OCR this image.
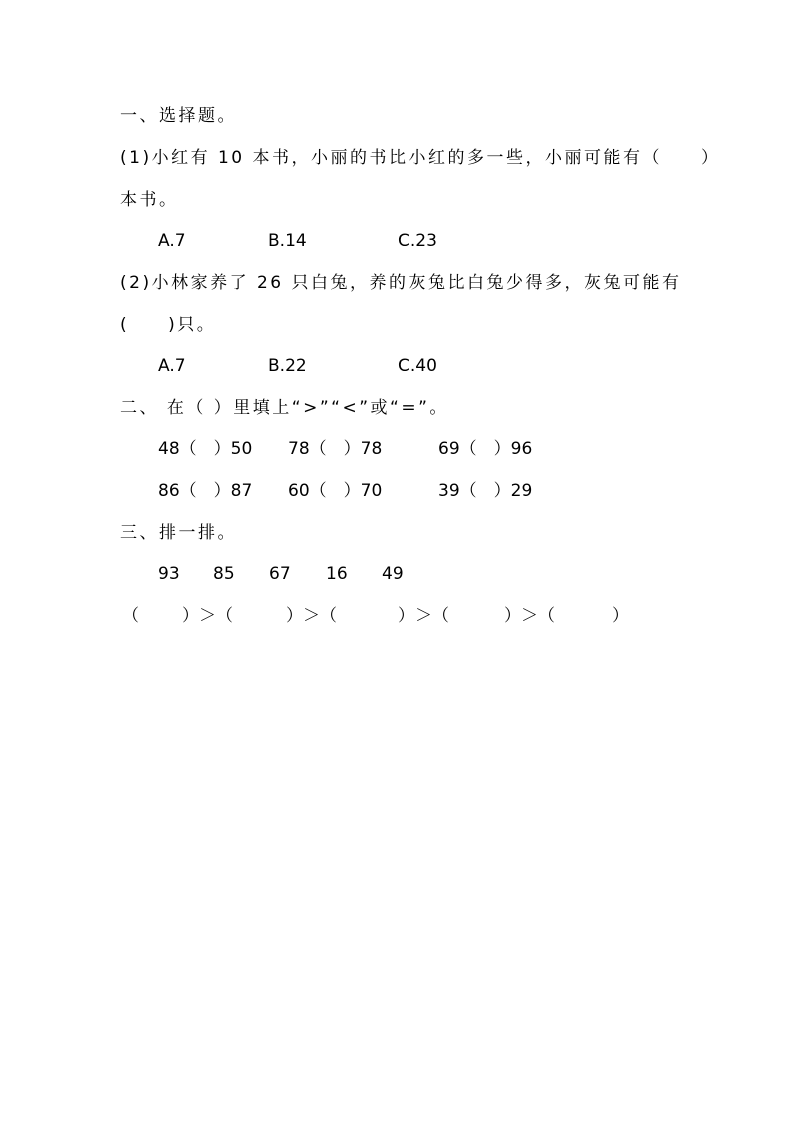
一、选择题。
(1)小红有 10 本书，小丽的书比小红的多一些，小丽可能有（　　）
本书。
A.7	B.14	C.23
(2)小林家养了 26 只白兔，养的灰兔比白兔少得多，灰兔可能有
(　　)只。
A.7	B.22	C.40
二、 在（ ）里填上“>”“<”或“=”。
48（　）50 78（　）78	69（　）96
86（　）87 60（　）70	39（　）29
三、排一排。
93 85 67 16 49
（	）＞（	）＞（	）＞（	）＞（	）
